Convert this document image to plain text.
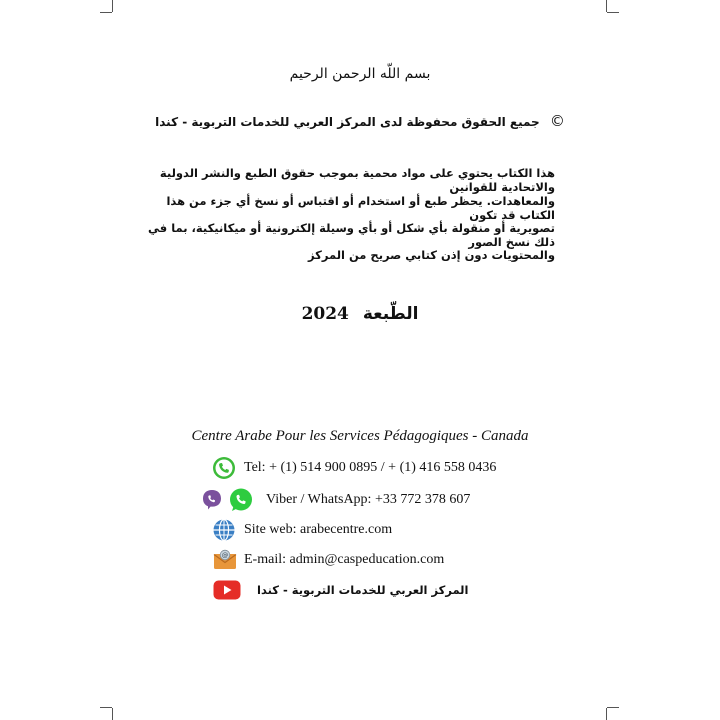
بسم اللّه الرحمن الرحيم
© جميع الحقوق محفوظة لدى المركز العربي للخدمات التربوية - كندا
هذا الكتاب يحتوي على مواد محمية بموجب حقوق الطبع والنشر الدولية والاتحادية للقوانين
والمعاهدات. يحظر طبع أو استخدام أو اقتباس أو نسخ أي جزء من هذا الكتاب قد تكون
تصويرية أو منقولة بأي شكل أو بأي وسيلة إلكترونية أو ميكانيكية، بما في ذلك نسخ الصور
والمحتويات دون إذن كتابي صريح من المركز
الطّبعة 2024
Centre Arabe Pour les Services Pédagogiques - Canada
Tel: + (1) 514 900 0895 / + (1) 416 558 0436
Viber / WhatsApp: +33 772 378 607
Site web: arabecentre.com
@ E-mail: admin@caspeducation.com
المركز العربي للخدمات التربوية - كندا
